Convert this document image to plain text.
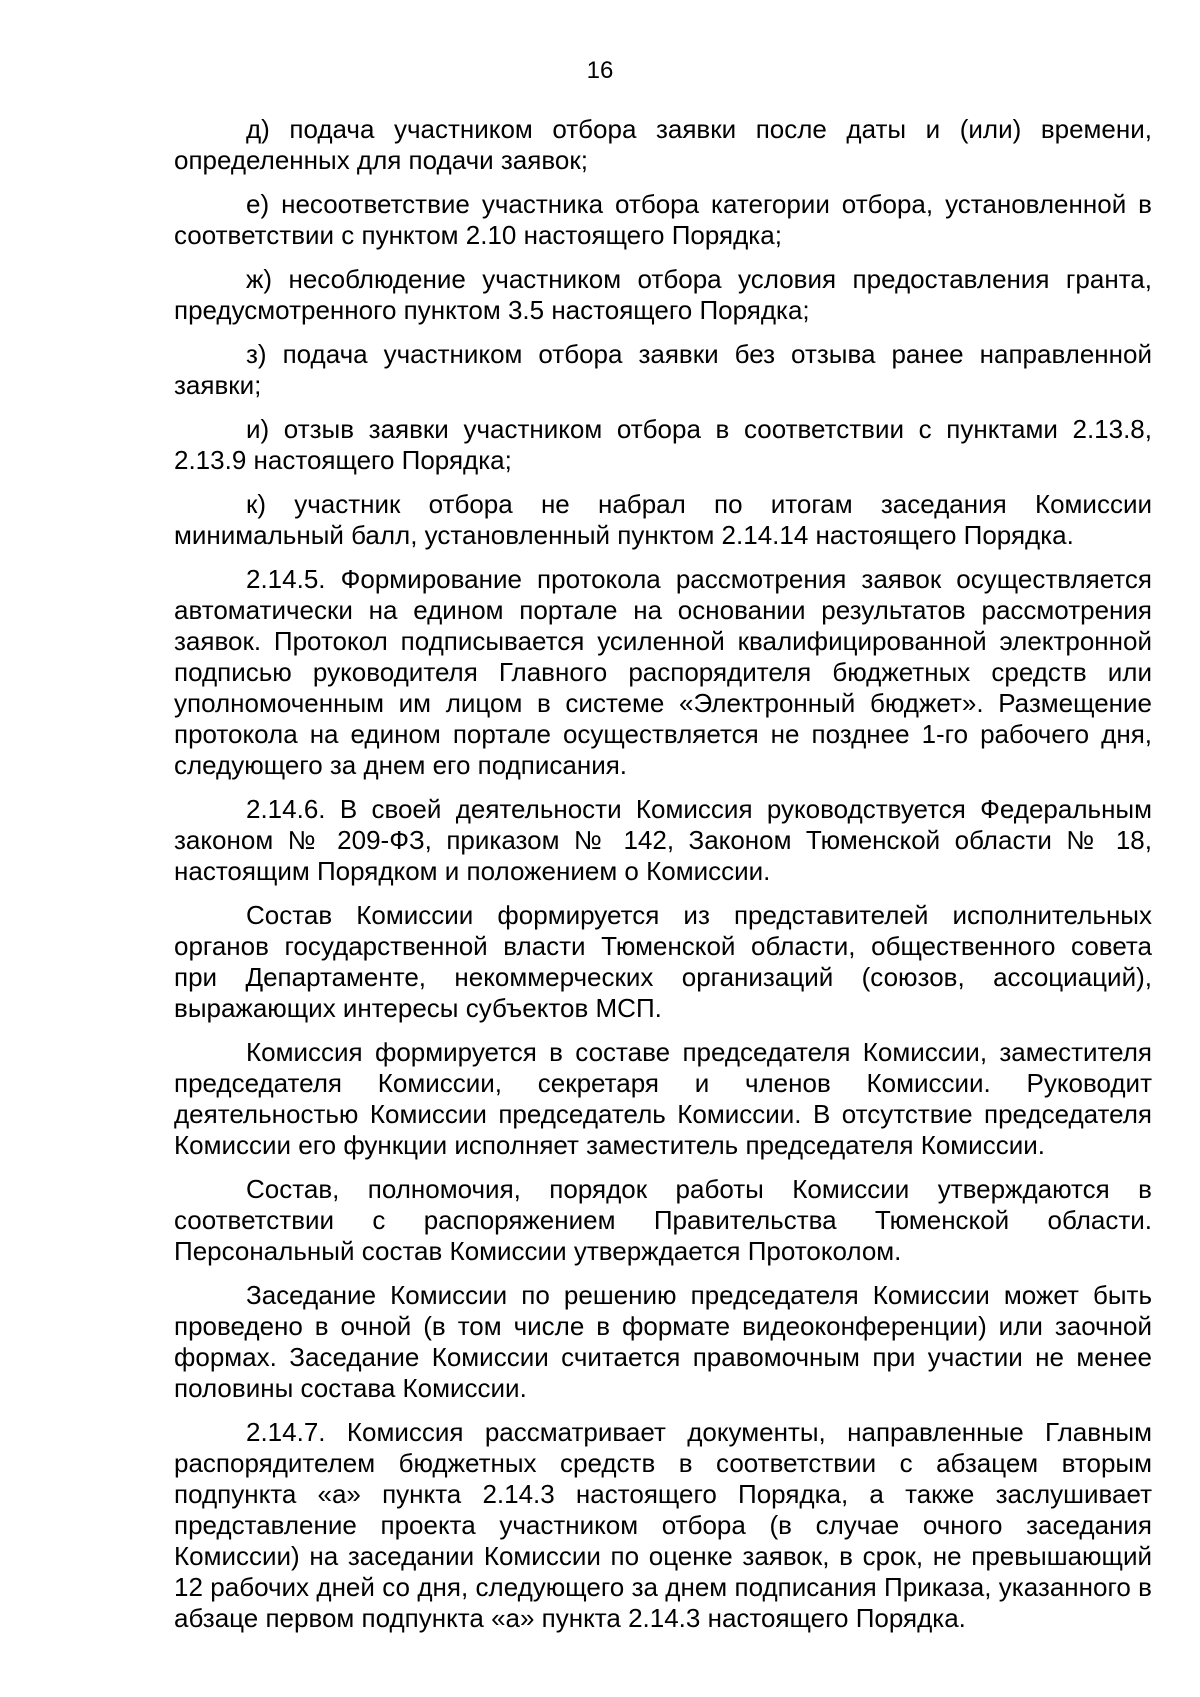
16

д) подача участником отбора заявки после даты и (или) времени, определенных для подачи заявок;

е) несоответствие участника отбора категории отбора, установленной в соответствии с пунктом 2.10 настоящего Порядка;

ж) несоблюдение участником отбора условия предоставления гранта, предусмотренного пунктом 3.5 настоящего Порядка;

з) подача участником отбора заявки без отзыва ранее направленной заявки;

и) отзыв заявки участником отбора в соответствии с пунктами 2.13.8, 2.13.9 настоящего Порядка;

к) участник отбора не набрал по итогам заседания Комиссии минимальный балл, установленный пунктом 2.14.14 настоящего Порядка.

2.14.5. Формирование протокола рассмотрения заявок осуществляется автоматически на едином портале на основании результатов рассмотрения заявок. Протокол подписывается усиленной квалифицированной электронной подписью руководителя Главного распорядителя бюджетных средств или уполномоченным им лицом в системе «Электронный бюджет». Размещение протокола на едином портале осуществляется не позднее 1-го рабочего дня, следующего за днем его подписания.

2.14.6. В своей деятельности Комиссия руководствуется Федеральным законом № 209-ФЗ, приказом № 142, Законом Тюменской области № 18, настоящим Порядком и положением о Комиссии.

Состав Комиссии формируется из представителей исполнительных органов государственной власти Тюменской области, общественного совета при Департаменте, некоммерческих организаций (союзов, ассоциаций), выражающих интересы субъектов МСП.

Комиссия формируется в составе председателя Комиссии, заместителя председателя Комиссии, секретаря и членов Комиссии. Руководит деятельностью Комиссии председатель Комиссии. В отсутствие председателя Комиссии его функции исполняет заместитель председателя Комиссии.

Состав, полномочия, порядок работы Комиссии утверждаются в соответствии с распоряжением Правительства Тюменской области. Персональный состав Комиссии утверждается Протоколом.

Заседание Комиссии по решению председателя Комиссии может быть проведено в очной (в том числе в формате видеоконференции) или заочной формах. Заседание Комиссии считается правомочным при участии не менее половины состава Комиссии.

2.14.7. Комиссия рассматривает документы, направленные Главным распорядителем бюджетных средств в соответствии с абзацем вторым подпункта «а» пункта 2.14.3 настоящего Порядка, а также заслушивает представление проекта участником отбора (в случае очного заседания Комиссии) на заседании Комиссии по оценке заявок, в срок, не превышающий 12 рабочих дней со дня, следующего за днем подписания Приказа, указанного в абзаце первом подпункта «а» пункта 2.14.3 настоящего Порядка.
